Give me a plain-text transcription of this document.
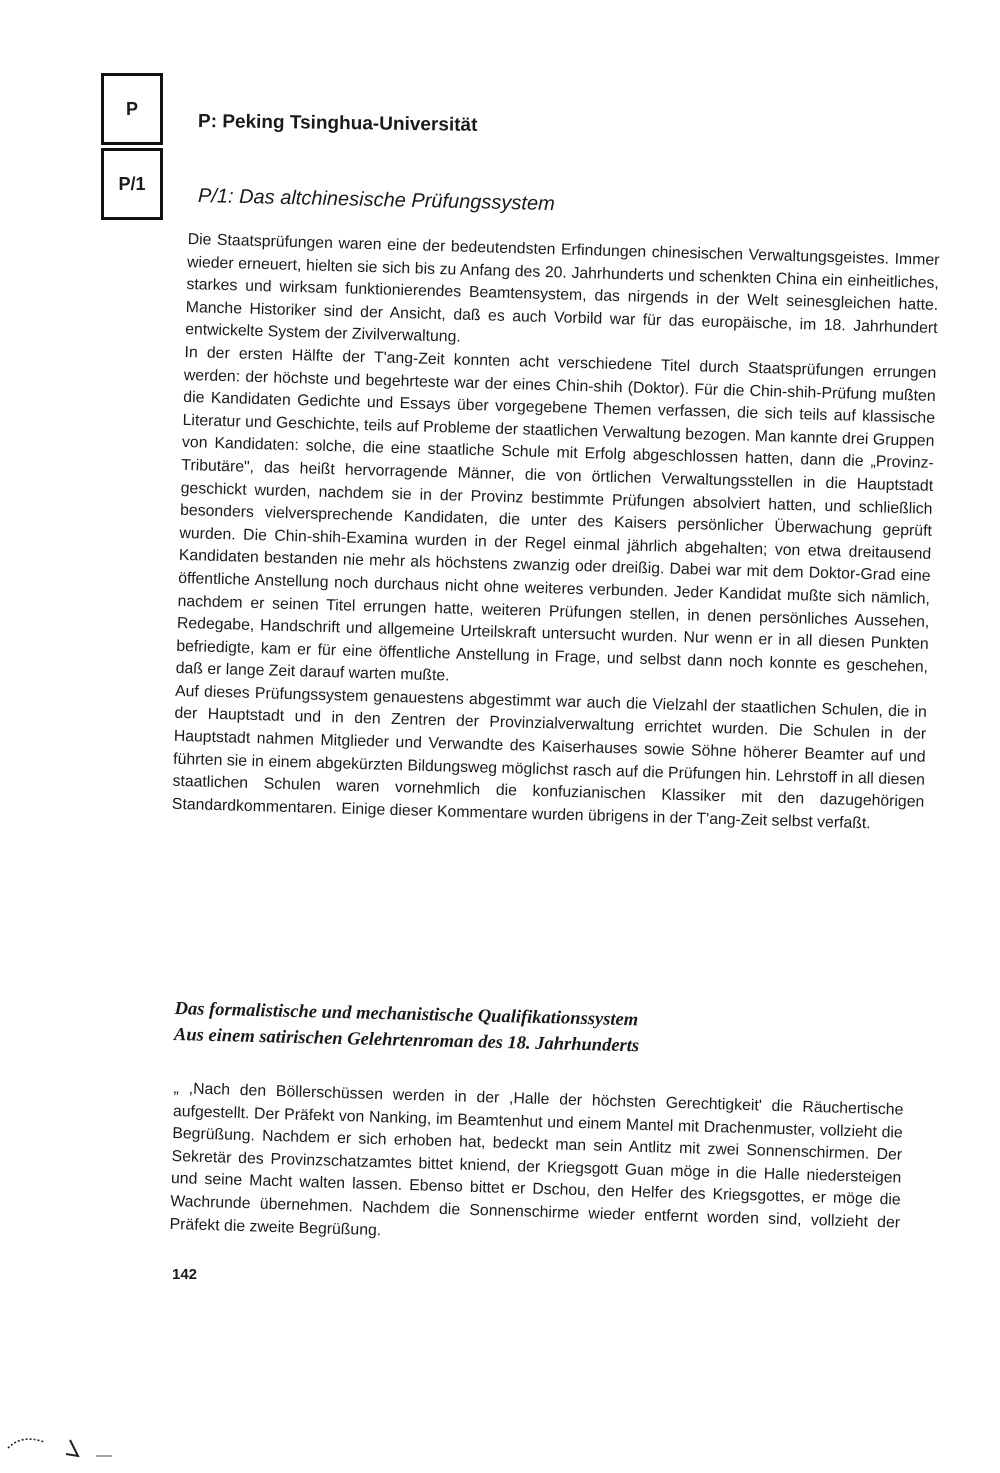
P
P: Peking Tsinghua-Universität
P/1
P/1: Das altchinesische Prüfungssystem

Die Staatsprüfungen waren eine der bedeutendsten Erfindungen chinesischen Verwaltungsgeistes. Immer wieder erneuert, hielten sie sich bis zu Anfang des 20. Jahrhunderts und schenkten China ein einheitliches, starkes und wirksam funktionierendes Beamtensystem, das nirgends in der Welt seinesgleichen hatte. Manche Historiker sind der Ansicht, daß es auch Vorbild war für das europäische, im 18. Jahrhundert entwickelte System der Zivilverwaltung.

In der ersten Hälfte der T'ang-Zeit konnten acht verschiedene Titel durch Staatsprüfungen errungen werden: der höchste und begehrteste war der eines Chin-shih (Doktor). Für die Chin-shih-Prüfung mußten die Kandidaten Gedichte und Essays über vorgegebene Themen verfassen, die sich teils auf klassische Literatur und Geschichte, teils auf Probleme der staatlichen Verwaltung bezogen. Man kannte drei Gruppen von Kandidaten: solche, die eine staatliche Schule mit Erfolg abgeschlossen hatten, dann die „Provinz-Tributäre", das heißt hervorragende Männer, die von örtlichen Verwaltungsstellen in die Hauptstadt geschickt wurden, nachdem sie in der Provinz bestimmte Prüfungen absolviert hatten, und schließlich besonders vielversprechende Kandidaten, die unter des Kaisers persönlicher Überwachung geprüft wurden. Die Chin-shih-Examina wurden in der Regel einmal jährlich abgehalten; von etwa dreitausend Kandidaten bestanden nie mehr als höchstens zwanzig oder dreißig. Dabei war mit dem Doktor-Grad eine öffentliche Anstellung noch durchaus nicht ohne weiteres verbunden. Jeder Kandidat mußte sich nämlich, nachdem er seinen Titel errungen hatte, weiteren Prüfungen stellen, in denen persönliches Aussehen, Redegabe, Handschrift und allgemeine Urteilskraft untersucht wurden. Nur wenn er in all diesen Punkten befriedigte, kam er für eine öffentliche Anstellung in Frage, und selbst dann noch konnte es geschehen, daß er lange Zeit darauf warten mußte.

Auf dieses Prüfungssystem genauestens abgestimmt war auch die Vielzahl der staatlichen Schulen, die in der Hauptstadt und in den Zentren der Provinzialverwaltung errichtet wurden. Die Schulen in der Hauptstadt nahmen Mitglieder und Verwandte des Kaiserhauses sowie Söhne höherer Beamter auf und führten sie in einem abgekürzten Bildungsweg möglichst rasch auf die Prüfungen hin. Lehrstoff in all diesen staatlichen Schulen waren vornehmlich die konfuzianischen Klassiker mit den dazugehörigen Standardkommentaren. Einige dieser Kommentare wurden übrigens in der T'ang-Zeit selbst verfaßt.

Das formalistische und mechanistische Qualifikationssystem
Aus einem satirischen Gelehrtenroman des 18. Jahrhunderts

„ ,Nach den Böllerschüssen werden in der ,Halle der höchsten Gerechtigkeit' die Räuchertische aufgestellt. Der Präfekt von Nanking, im Beamtenhut und einem Mantel mit Drachenmuster, vollzieht die Begrüßung. Nachdem er sich erhoben hat, bedeckt man sein Antlitz mit zwei Sonnenschirmen. Der Sekretär des Provinzschatzamtes bittet kniend, der Kriegsgott Guan möge in die Halle niedersteigen und seine Macht walten lassen. Ebenso bittet er Dschou, den Helfer des Kriegsgottes, er möge die Wachrunde übernehmen. Nachdem die Sonnenschirme wieder entfernt worden sind, vollzieht der Präfekt die zweite Begrüßung.

142
